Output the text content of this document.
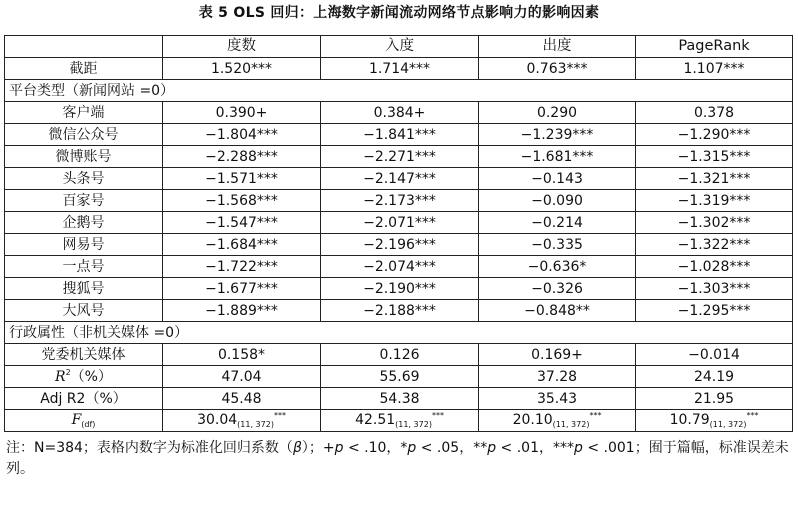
表 5 OLS 回归：上海数字新闻流动网络节点影响力的影响因素
	度数	入度	出度	PageRank
截距	1.520***	1.714***	0.763***	1.107***
平台类型（新闻网站 =0）				
客户端	0.390+	0.384+	0.290	0.378
微信公众号	−1.804***	−1.841***	−1.239***	−1.290***
微博账号	−2.288***	−2.271***	−1.681***	−1.315***
头条号	−1.571***	−2.147***	−0.143	−1.321***
百家号	−1.568***	−2.173***	−0.090	−1.319***
企鹅号	−1.547***	−2.071***	−0.214	−1.302***
网易号	−1.684***	−2.196***	−0.335	−1.322***
一点号	−1.722***	−2.074***	−0.636*	−1.028***
搜狐号	−1.677***	−2.190***	−0.326	−1.303***
大风号	−1.889***	−2.188***	−0.848**	−1.295***
行政属性（非机关媒体 =0）				
党委机关媒体	0.158*	0.126	0.169+	−0.014
$R^2(\%)$	47.04	55.69	37.28	24.19
Adj R2（%）	45.48	54.38	35.43	21.95
$F_{(df)}$	$30.04_{(11, 372)}^{***}$	$42.51_{(11, 372)}^{***}$	$20.10_{(11, 372)}^{***}$	$10.79_{(11, 372)}^{***}$
注：N=384；表格内数字为标准化回归系数（β）；+p < .10，*p < .05，**p < .01，***p < .001；囿于篇幅，标准误差未列。
